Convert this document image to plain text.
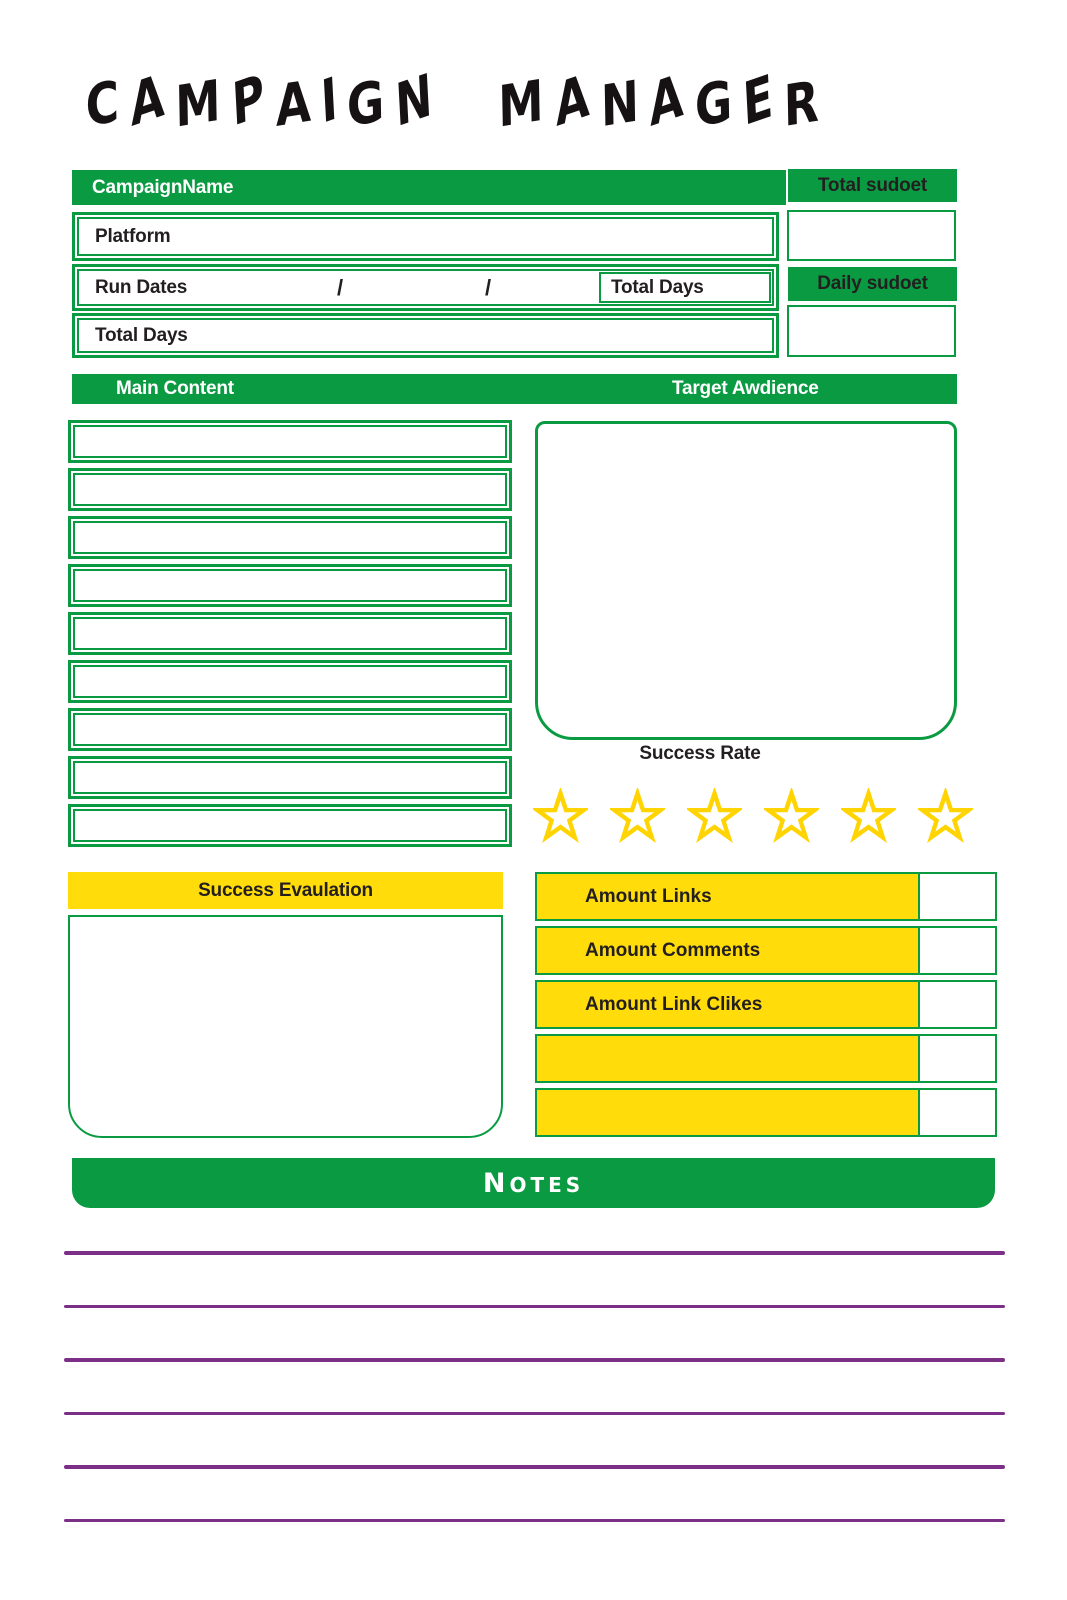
C A M P A I G N M A N A G E R
CampaignName	Total sudoet
Platform
Run Dates	/	/	Total Days	Daily sudoet
Total Days
Main Content	Target Awdience
Success Rate
Success Evaulation	Amount Links
Amount Comments
Amount Link Clikes
NOTES
